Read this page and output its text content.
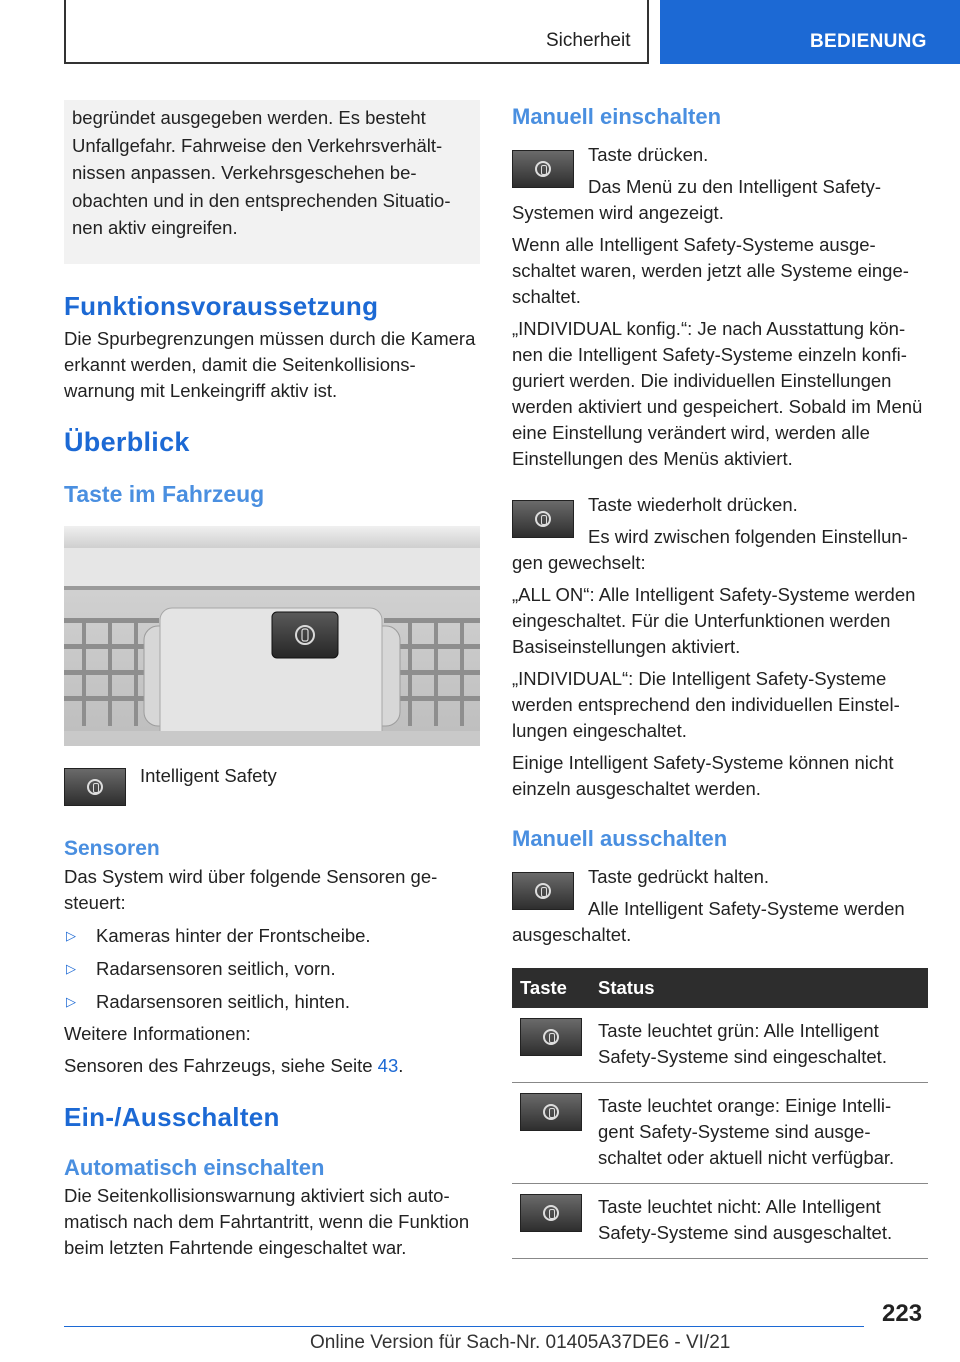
Sicherheit	BEDIENUNG
begründet ausgegeben werden. Es besteht Unfallgefahr. Fahrweise den Verkehrsverhältnissen anpassen. Verkehrsgeschehen beobachten und in den entsprechenden Situationen aktiv eingreifen.
Funktionsvoraussetzung

Die Spurbegrenzungen müssen durch die Kamera erkannt werden, damit die Seitenkollisionswarnung mit Lenkeingriff aktiv ist.

Überblick
Taste im Fahrzeug

Intelligent Safety

Sensoren

Das System wird über folgende Sensoren gesteuert:

▷	Kameras hinter der Frontscheibe.
▷	Radarsensoren seitlich, vorn.
▷	Radarsensoren seitlich, hinten.

Weitere Informationen:

Sensoren des Fahrzeugs, siehe Seite 43.

Ein-/Ausschalten
Automatisch einschalten

Die Seitenkollisionswarnung aktiviert sich automatisch nach dem Fahrtantritt, wenn die Funktion beim letzten Fahrtende eingeschaltet war.

Manuell einschalten

Taste drücken.

Das Menü zu den Intelligent Safety-Systemen wird angezeigt.

Wenn alle Intelligent Safety-Systeme ausgeschaltet waren, werden jetzt alle Systeme eingeschaltet.

„INDIVIDUAL konfig.“: Je nach Ausstattung können die Intelligent Safety-Systeme einzeln konfiguriert werden. Die individuellen Einstellungen werden aktiviert und gespeichert. Sobald im Menü eine Einstellung verändert wird, werden alle Einstellungen des Menüs aktiviert.

Taste wiederholt drücken.

Es wird zwischen folgenden Einstellungen gewechselt:

„ALL ON“: Alle Intelligent Safety-Systeme werden eingeschaltet. Für die Unterfunktionen werden Basiseinstellungen aktiviert.

„INDIVIDUAL“: Die Intelligent Safety-Systeme werden entsprechend den individuellen Einstellungen eingeschaltet.

Einige Intelligent Safety-Systeme können nicht einzeln ausgeschaltet werden.

Manuell ausschalten

Taste gedrückt halten.

Alle Intelligent Safety-Systeme werden ausgeschaltet.

Taste	Status

	Taste leuchtet grün: Alle Intelligent Safety-Systeme sind eingeschaltet.

	Taste leuchtet orange: Einige Intelligent Safety-Systeme sind ausgeschaltet oder aktuell nicht verfügbar.

	Taste leuchtet nicht: Alle Intelligent Safety-Systeme sind ausgeschaltet.
223
Online Version für Sach-Nr. 01405A37DE6 - VI/21
